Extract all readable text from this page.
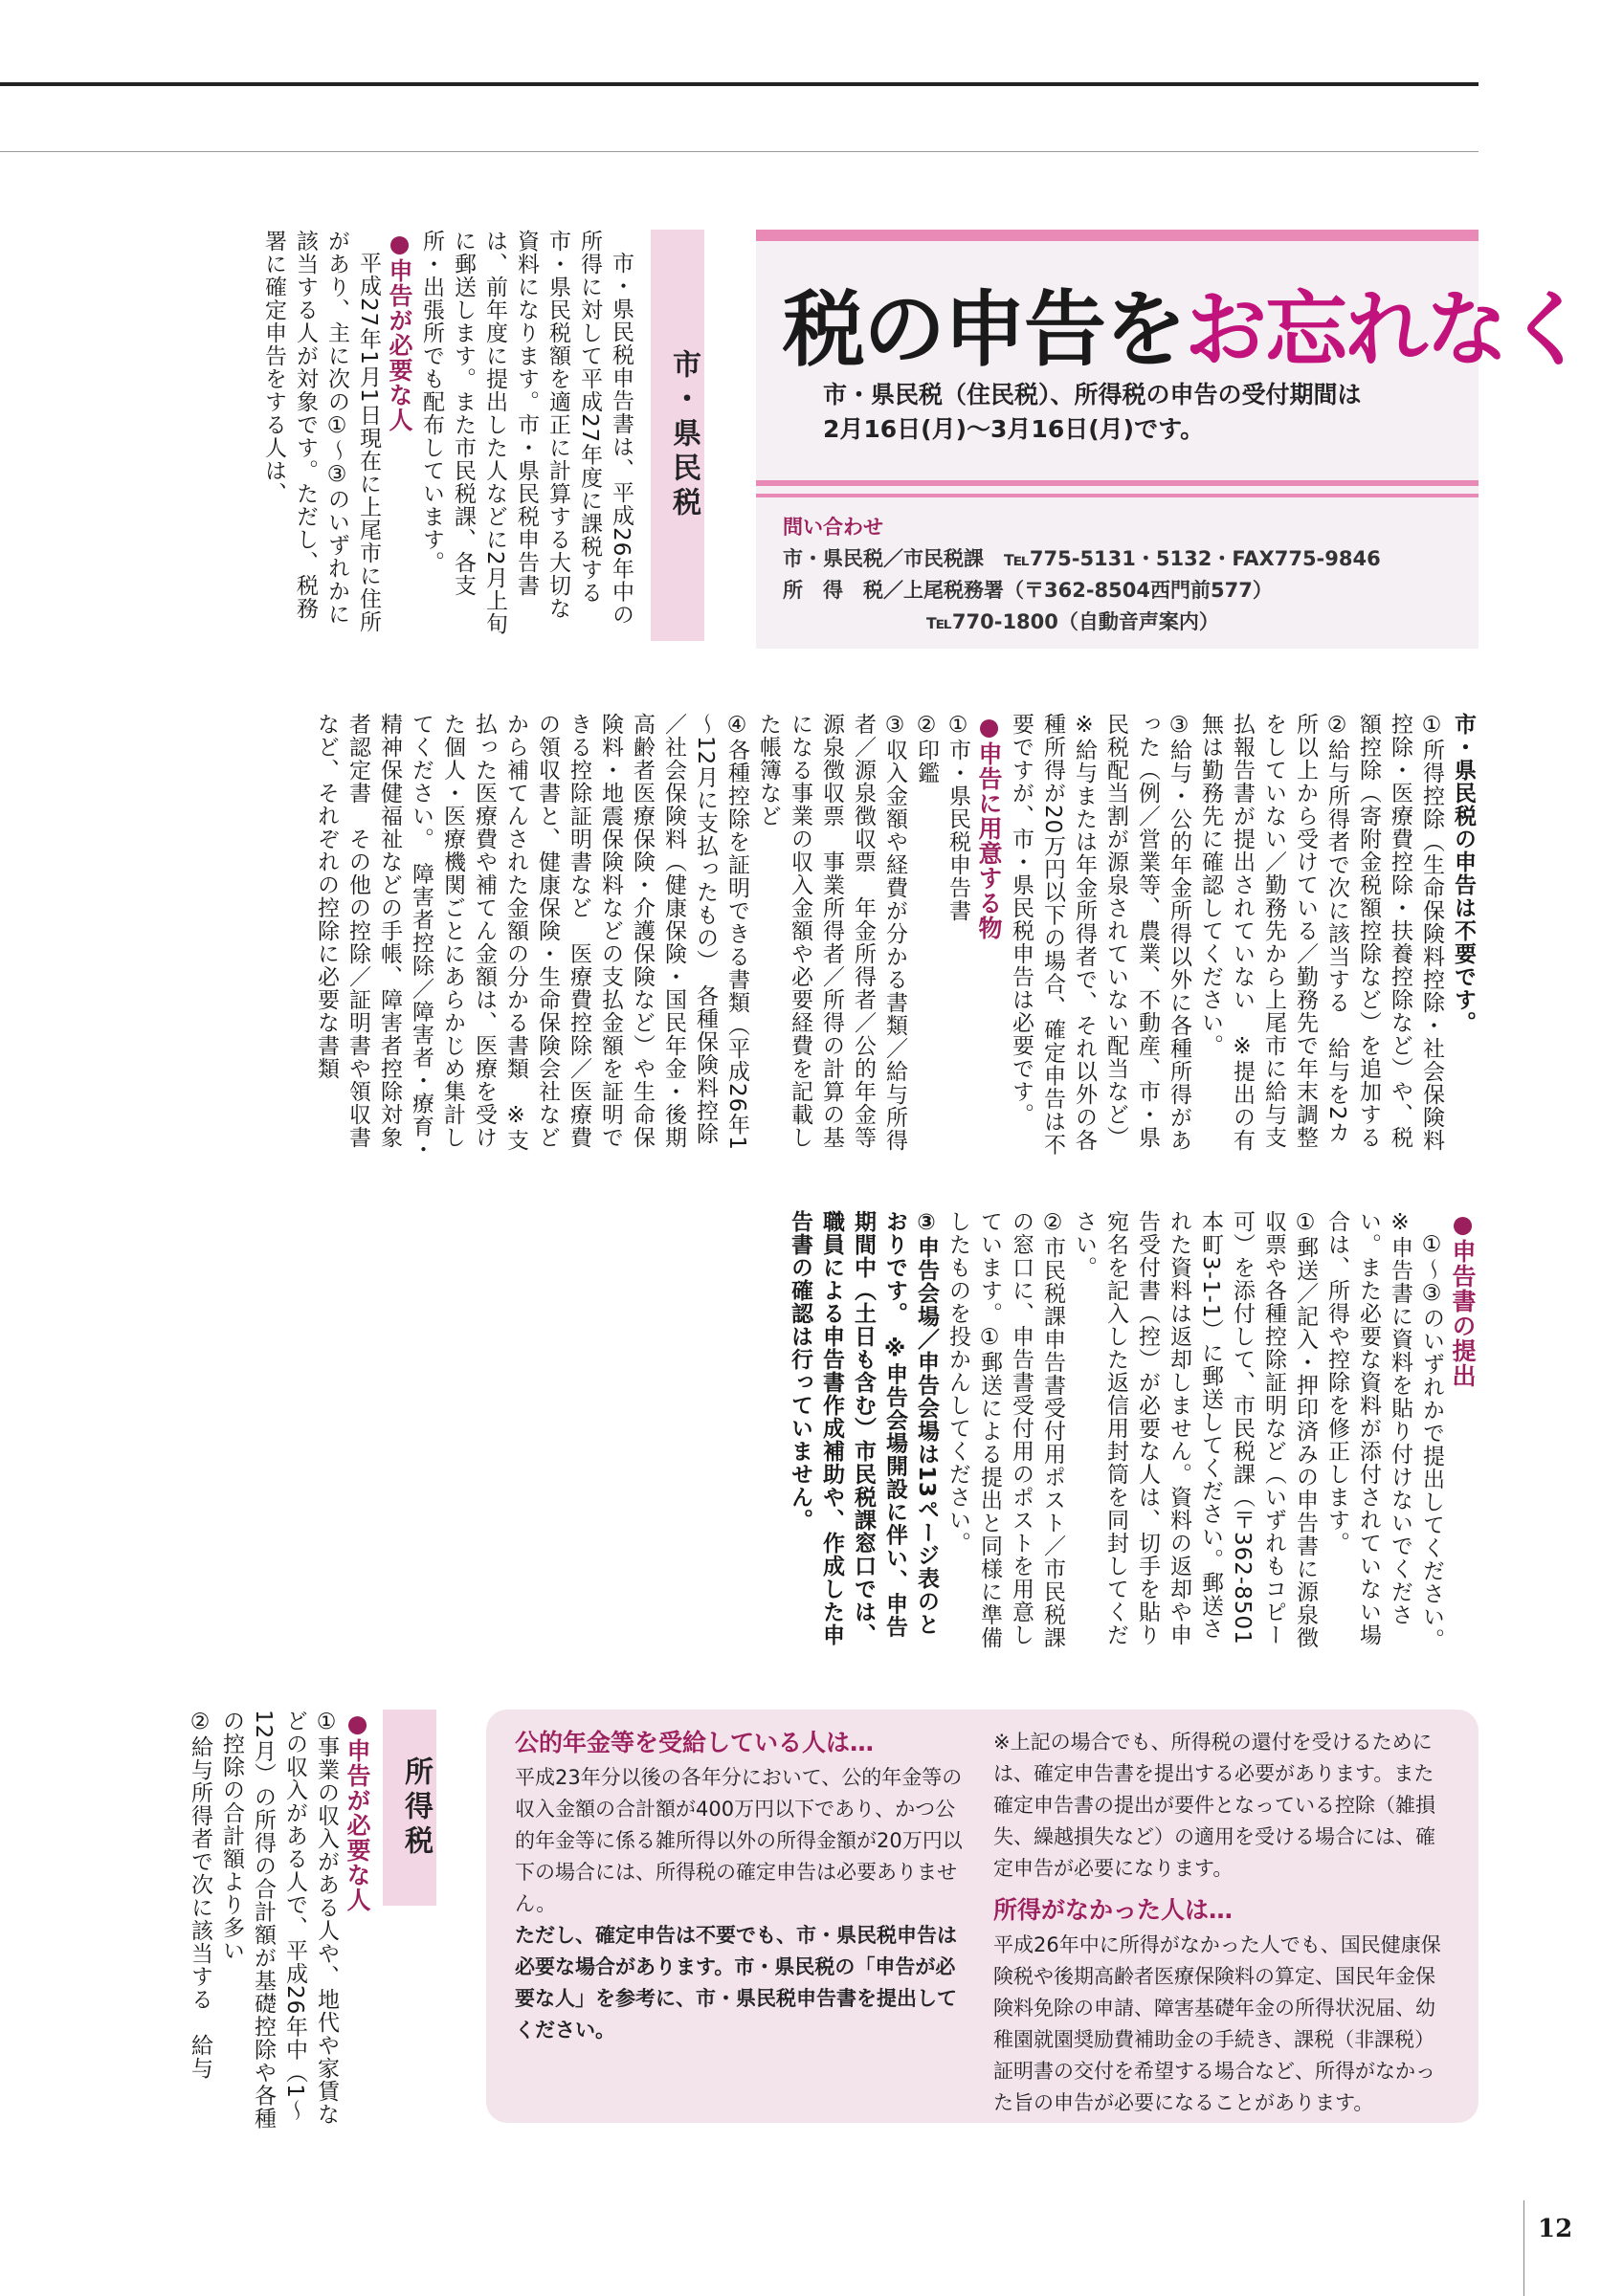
税の申告をお忘れなく
市・県民税（住民税）、所得税の申告の受付期間は
2月16日(月)～3月16日(月)です。
問い合わせ
市・県民税／市民税課　℡775-5131・5132・FAX775-9846
所　得　税／上尾税務署（〒362-8504西門前577）
℡770-1800（自動音声案内）
市・県民税

市・県民税申告書は、平成26年中の所得に対して平成27年度に課税する市・県民税額を適正に計算する大切な資料になります。市・県民税申告書は、前年度に提出した人などに2月上旬に郵送します。また市民税課、各支所・出張所でも配布しています。

●申告が必要な人

平成27年1月1日現在に上尾市に住所があり、主に次の①～③のいずれかに該当する人が対象です。ただし、税務署に確定申告をする人は、

市・県民税の申告は不要です。

①所得控除（生命保険料控除・社会保険料控除・医療費控除・扶養控除など）や、税額控除（寄附金税額控除など）を追加する

②給与所得者で次に該当する　給与を2カ所以上から受けている／勤務先で年末調整をしていない／勤務先から上尾市に給与支払報告書が提出されていない　※提出の有無は勤務先に確認してください。

③給与・公的年金所得以外に各種所得があった（例／営業等、農業、不動産、市・県民税配当割が源泉されていない配当など）　※給与または年金所得者で、それ以外の各種所得が20万円以下の場合、確定申告は不要ですが、市・県民税申告は必要です。

●申告に用意する物

①市・県民税申告書

②印鑑

③収入金額や経費が分かる書類／給与所得者／源泉徴収票　年金所得者／公的年金等源泉徴収票　事業所得者／所得の計算の基になる事業の収入金額や必要経費を記載した帳簿など

④各種控除を証明できる書類（平成26年1～12月に支払ったもの）　各種保険料控除／社会保険料（健康保険・国民年金・後期高齢者医療保険・介護保険など）や生命保険料・地震保険料などの支払金額を証明できる控除証明書など　医療費控除／医療費の領収書と、健康保険・生命保険会社などから補てんされた金額の分かる書類　※支払った医療費や補てん金額は、医療を受けた個人・医療機関ごとにあらかじめ集計してください。　障害者控除／障害者・療育・精神保健福祉などの手帳、障害者控除対象者認定書　その他の控除／証明書や領収書など、それぞれの控除に必要な書類

●申告書の提出

①～③のいずれかで提出してください。　※申告書に資料を貼り付けないでください。また必要な資料が添付されていない場合は、所得や控除を修正します。

①郵送／記入・押印済みの申告書に源泉徴収票や各種控除証明など（いずれもコピー可）を添付して、市民税課（〒362-8501本町3-1-1）に郵送してください。郵送された資料は返却しません。資料の返却や申告受付書（控）が必要な人は、切手を貼り宛名を記入した返信用封筒を同封してください。

②市民税課申告書受付用ポスト／市民税課の窓口に、申告書受付用のポストを用意しています。①郵送による提出と同様に準備したものを投かんしてください。

③申告会場／申告会場は13ページ表のとおりです。　※申告会場開設に伴い、申告期間中（土日も含む）市民税課窓口では、職員による申告書作成補助や、作成した申告書の確認は行っていません。

所得税

●申告が必要な人

①事業の収入がある人や、地代や家賃などの収入がある人で、平成26年中（1～12月）の所得の合計額が基礎控除や各種の控除の合計額より多い

②給与所得者で次に該当する　給与	公的年金等を受給している人は…

平成23年分以後の各年分において、公的年金等の収入金額の合計額が400万円以下であり、かつ公的年金等に係る雑所得以外の所得金額が20万円以下の場合には、所得税の確定申告は必要ありません。

ただし、確定申告は不要でも、市・県民税申告は必要な場合があります。市・県民税の「申告が必要な人」を参考に、市・県民税申告書を提出してください。

※上記の場合でも、所得税の還付を受けるためには、確定申告書を提出する必要があります。また確定申告書の提出が要件となっている控除（雑損失、繰越損失など）の適用を受ける場合には、確定申告が必要になります。

所得がなかった人は…

平成26年中に所得がなかった人でも、国民健康保険税や後期高齢者医療保険料の算定、国民年金保険料免除の申請、障害基礎年金の所得状況届、幼稚園就園奨励費補助金の手続き、課税（非課税）証明書の交付を希望する場合など、所得がなかった旨の申告が必要になることがあります。

12
